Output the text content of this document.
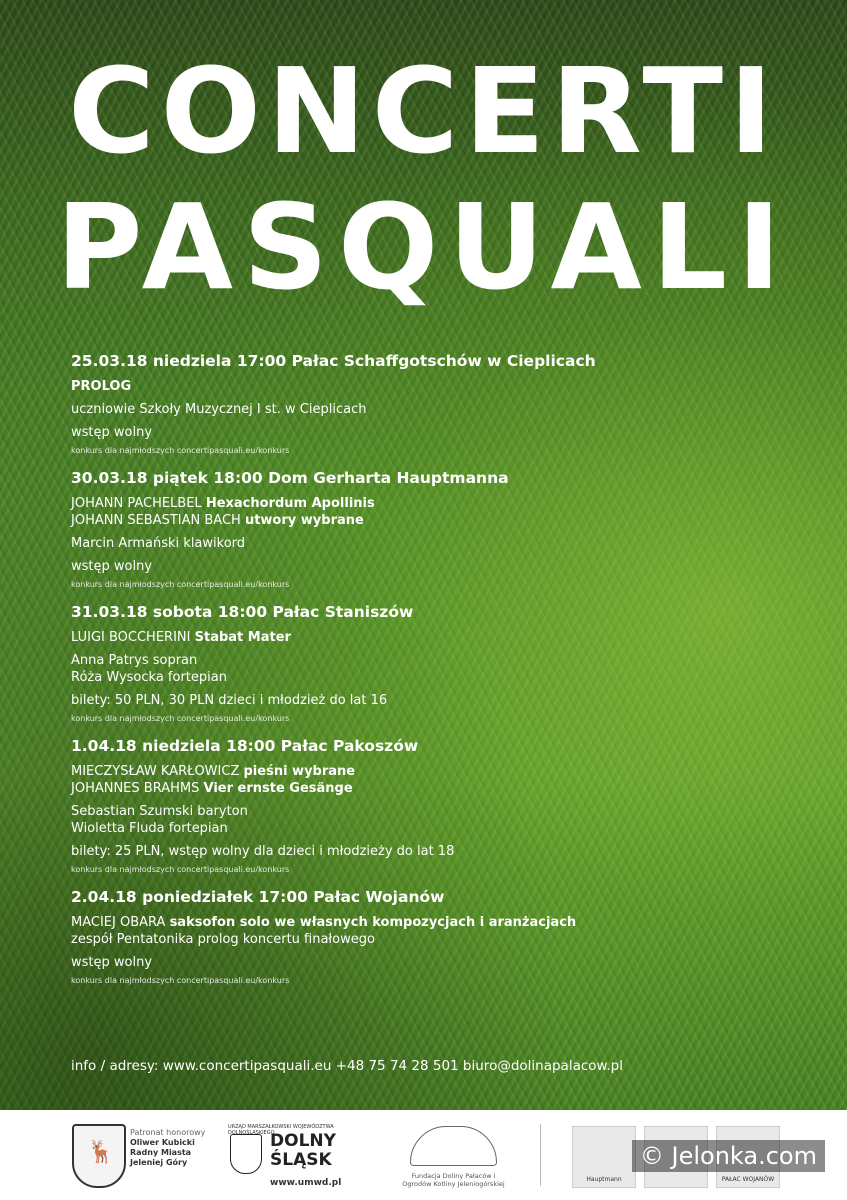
CONCERTI
PASQUALI
25.03.18 niedziela 17:00 Pałac Schaffgotschów w Cieplicach
PROLOG
uczniowie Szkoły Muzycznej I st. w Cieplicach
wstęp wolny
konkurs dla najmłodszych concertipasquali.eu/konkurs
30.03.18 piątek 18:00 Dom Gerharta Hauptmanna
JOHANN PACHELBEL Hexachordum Apollinis
JOHANN SEBASTIAN BACH utwory wybrane
Marcin Armański klawikord
wstęp wolny
konkurs dla najmłodszych concertipasquali.eu/konkurs
31.03.18 sobota 18:00 Pałac Staniszów
LUIGI BOCCHERINI Stabat Mater
Anna Patrys sopran
Róża Wysocka fortepian
bilety: 50 PLN, 30 PLN dzieci i młodzież do lat 16
konkurs dla najmłodszych concertipasquali.eu/konkurs
1.04.18 niedziela 18:00 Pałac Pakoszów
MIECZYSŁAW KARŁOWICZ pieśni wybrane
JOHANNES BRAHMS Vier ernste Gesänge
Sebastian Szumski baryton
Wioletta Fluda fortepian
bilety: 25 PLN, wstęp wolny dla dzieci i młodzieży do lat 18
konkurs dla najmłodszych concertipasquali.eu/konkurs
2.04.18 poniedziałek 17:00 Pałac Wojanów
MACIEJ OBARA saksofon solo we własnych kompozycjach i aranżacjach
zespół Pentatonika prolog koncertu finałowego
wstęp wolny
konkurs dla najmłodszych concertipasquali.eu/konkurs
info / adresy: www.concertipasquali.eu +48 75 74 28 501 biuro@dolinapalacow.pl
🦌
Patronat honorowy
Oliwer Kubicki Radny Miasta Jeleniej Góry
URZĄD MARSZAŁKOWSKI WOJEWÓDZTWA DOLNOŚLĄSKIEGO
DOLNY
ŚLĄSK
www.umwd.pl
Fundacja Doliny Pałaców i Ogrodów Kotliny Jeleniogórskiej
Hauptmann	PAŁAC WOJANÓW
© Jelonka.com
